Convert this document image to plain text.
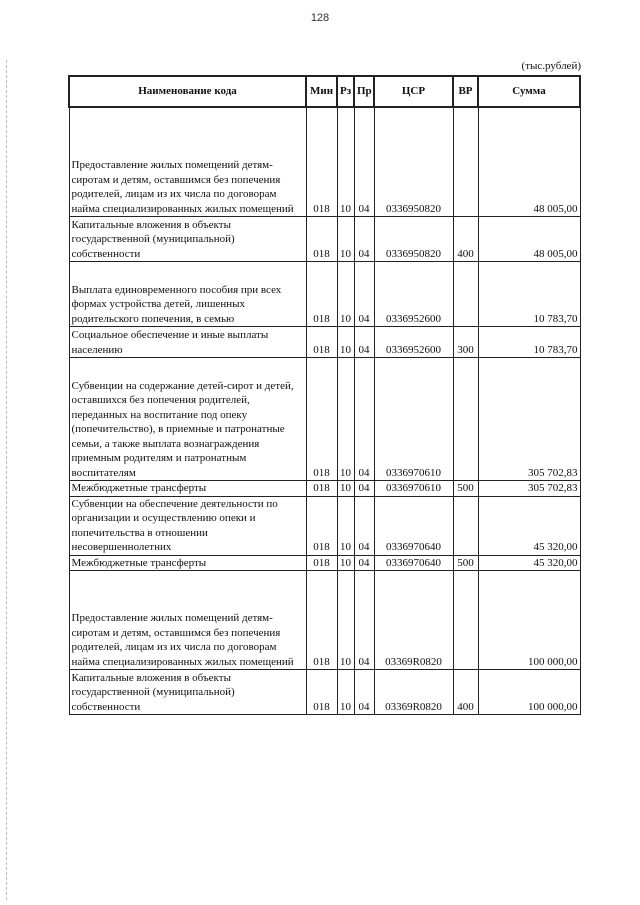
128
(тыс.рублей)
Наименование кода	Мин	Рз	Пр	ЦСР	ВР	Сумма
Предоставление жилых помещений детям-сиротам и детям, оставшимся без попечения родителей, лицам из их числа по договорам найма специализированных жилых помещений	018	10	04	0336950820		48 005,00
Капитальные вложения в объекты государственной (муниципальной) собственности	018	10	04	0336950820	400	48 005,00
Выплата единовременного пособия при всех формах устройства детей, лишенных родительского попечения, в семью	018	10	04	0336952600		10 783,70
Социальное обеспечение и иные выплаты населению	018	10	04	0336952600	300	10 783,70
Субвенции на содержание детей-сирот и детей, оставшихся без попечения родителей, переданных на воспитание под опеку (попечительство), в приемные и патронатные семьи, а также выплата вознаграждения приемным родителям и патронатным воспитателям	018	10	04	0336970610		305 702,83
Межбюджетные трансферты	018	10	04	0336970610	500	305 702,83
Субвенции на обеспечение деятельности по организации и осуществлению опеки и попечительства в отношении несовершеннолетних	018	10	04	0336970640		45 320,00
Межбюджетные трансферты	018	10	04	0336970640	500	45 320,00
Предоставление жилых помещений детям-сиротам и детям, оставшимся без попечения родителей, лицам из их числа по договорам найма специализированных жилых помещений	018	10	04	03369R0820		100 000,00
Капитальные вложения в объекты государственной (муниципальной) собственности	018	10	04	03369R0820	400	100 000,00
